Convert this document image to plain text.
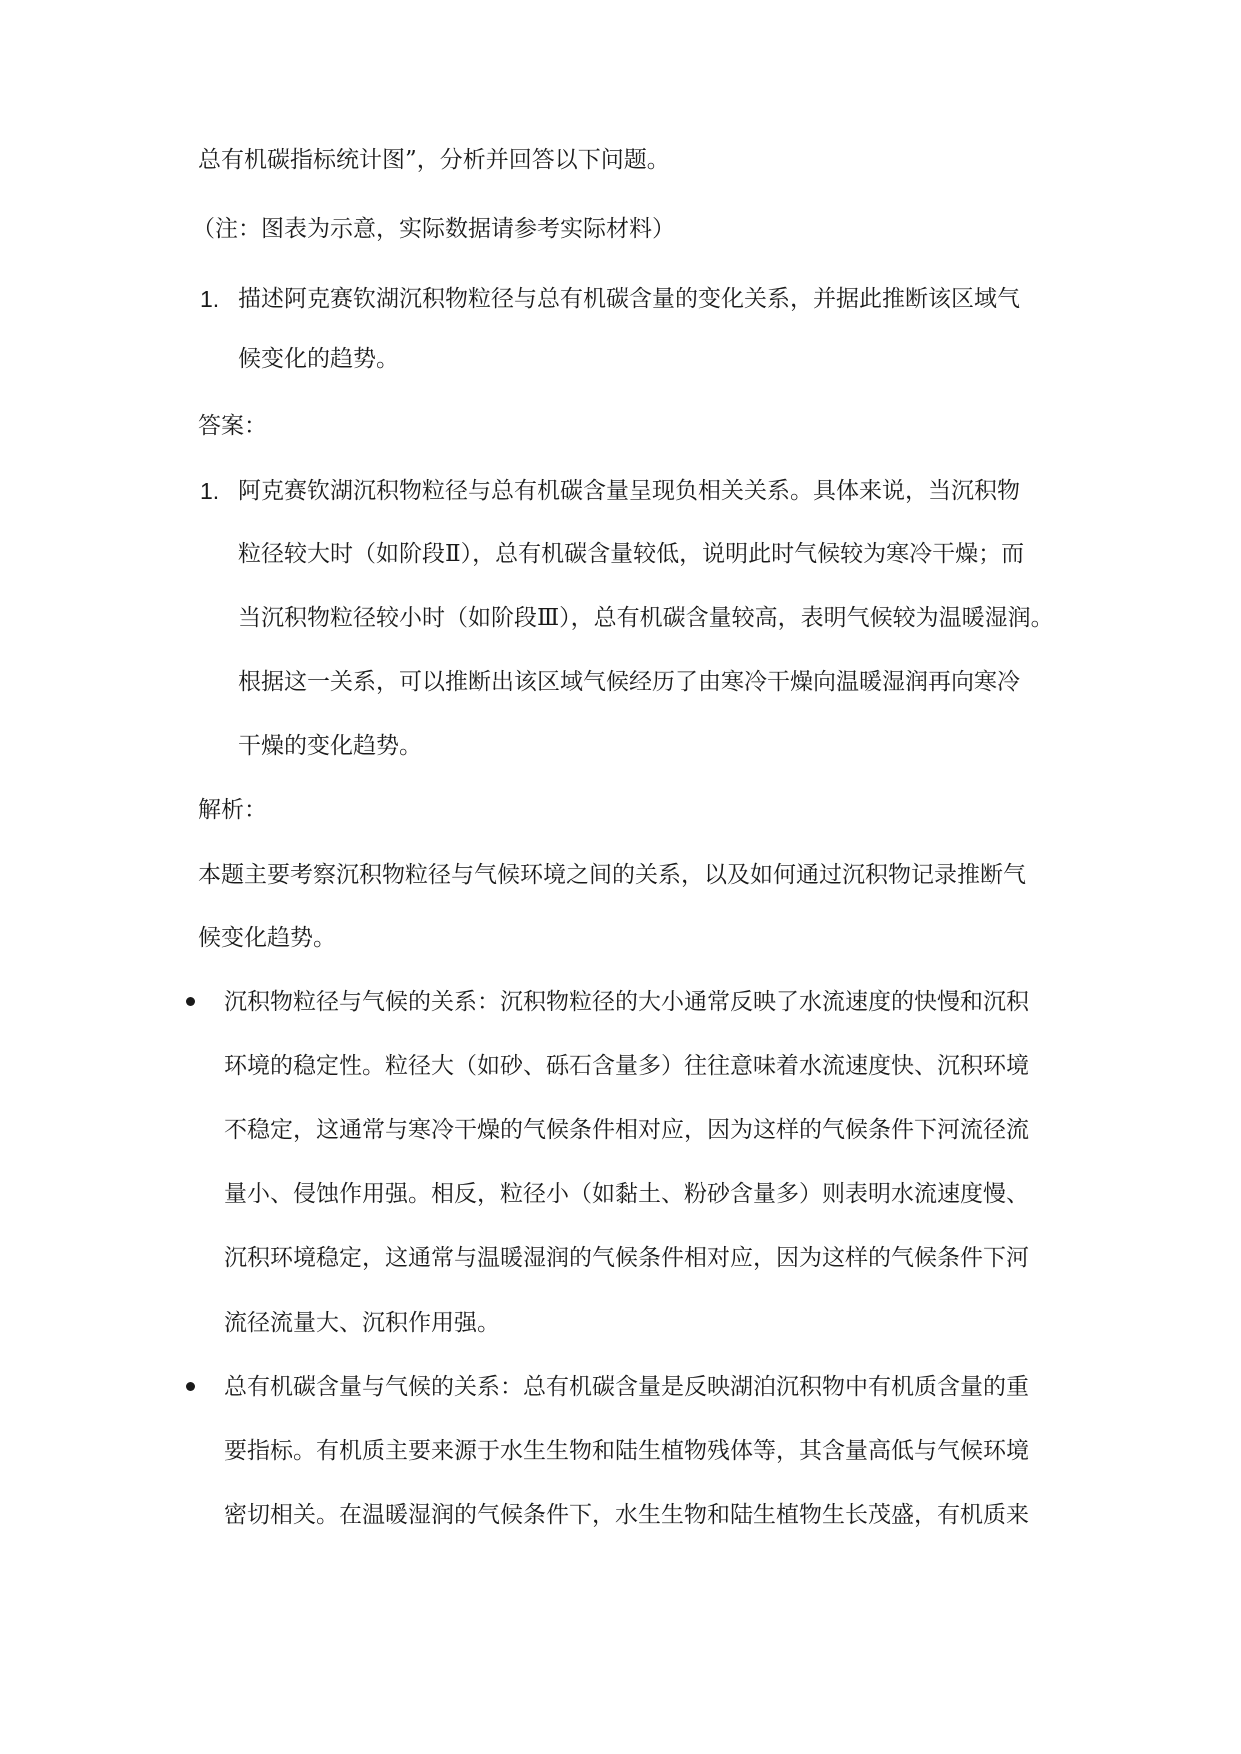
总有机碳指标统计图”，分析并回答以下问题。
（注：图表为示意，实际数据请参考实际材料）
1. 描述阿克赛钦湖沉积物粒径与总有机碳含量的变化关系，并据此推断该区域气
候变化的趋势。
答案：
1. 阿克赛钦湖沉积物粒径与总有机碳含量呈现负相关关系。具体来说，当沉积物
粒径较大时（如阶段Ⅱ），总有机碳含量较低，说明此时气候较为寒冷干燥；而
当沉积物粒径较小时（如阶段Ⅲ），总有机碳含量较高，表明气候较为温暖湿润。
根据这一关系，可以推断出该区域气候经历了由寒冷干燥向温暖湿润再向寒冷
干燥的变化趋势。
解析：
本题主要考察沉积物粒径与气候环境之间的关系，以及如何通过沉积物记录推断气
候变化趋势。
沉积物粒径与气候的关系：沉积物粒径的大小通常反映了水流速度的快慢和沉积
环境的稳定性。粒径大（如砂、砾石含量多）往往意味着水流速度快、沉积环境
不稳定，这通常与寒冷干燥的气候条件相对应，因为这样的气候条件下河流径流
量小、侵蚀作用强。相反，粒径小（如黏土、粉砂含量多）则表明水流速度慢、
沉积环境稳定，这通常与温暖湿润的气候条件相对应，因为这样的气候条件下河
流径流量大、沉积作用强。
总有机碳含量与气候的关系：总有机碳含量是反映湖泊沉积物中有机质含量的重
要指标。有机质主要来源于水生生物和陆生植物残体等，其含量高低与气候环境
密切相关。在温暖湿润的气候条件下，水生生物和陆生植物生长茂盛，有机质来
